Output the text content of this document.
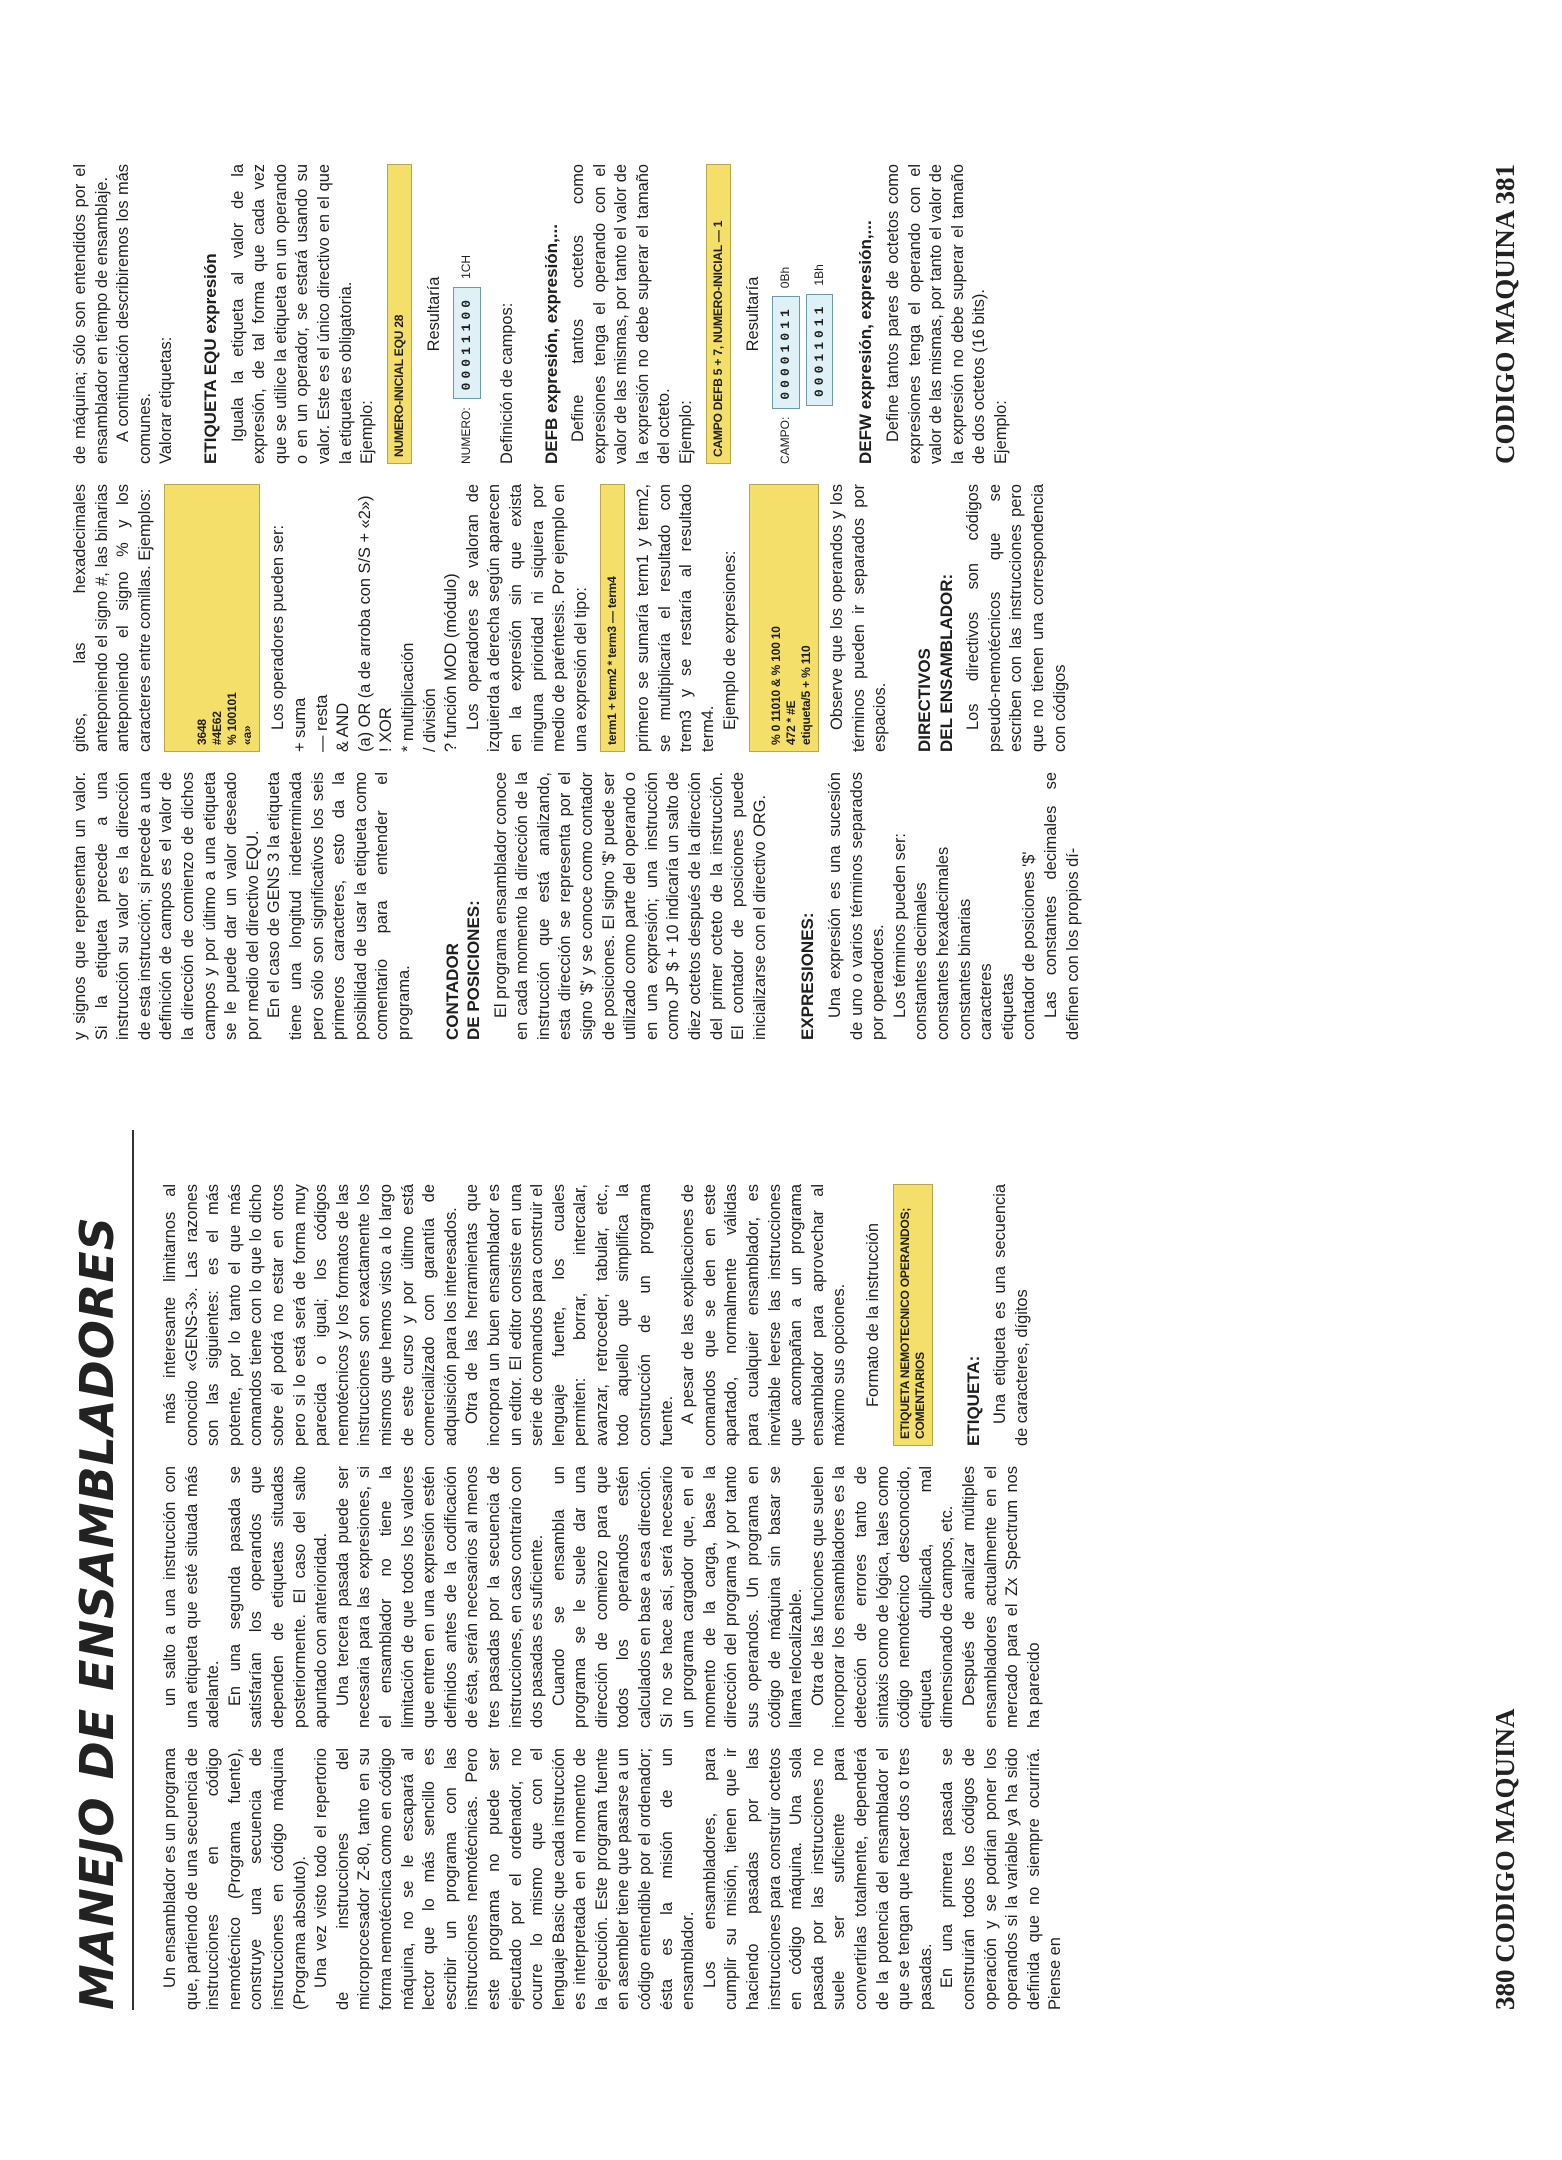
MANEJO DE ENSAMBLADORES Un ensamblador es un programa que, partiendo de una secuencia de instrucciones en código nemotécnico (Programa fuente), construye una secuencia de instrucciones en código máquina (Programa absoluto). Una vez visto todo el repertorio de instrucciones del microprocesador Z-80, tanto en su forma nemotécnica como en código máquina, no se le escapará al lector que lo más sencillo es escribir un programa con las instrucciones nemotécnicas. Pero este programa no puede ser ejecutado por el ordenador, no ocurre lo mismo que con el lenguaje Basic que cada instrucción es interpretada en el momento de la ejecución. Este programa fuente en asembler tiene que pasarse a un código entendible por el ordenador; ésta es la misión de un ensamblador. Los ensambladores, para cumplir su misión, tienen que ir haciendo pasadas por las instrucciones para construir octetos en código máquina. Una sola pasada por las instrucciones no suele ser suficiente para convertirlas totalmente, dependerá de la potencia del ensamblador el que se tengan que hacer dos o tres pasadas. En una primera pasada se construirán todos los códigos de operación y se podrían poner los operandos si la variable ya ha sido definida que no siempre ocurrirá. Piense en

un salto a una instrucción con una etiqueta que esté situada más adelante. En una segunda pasada se satisfarían los operandos que dependen de etiquetas situadas posteriormente. El caso del salto apuntado con anterioridad. Una tercera pasada puede ser necesaria para las expresiones, si el ensamblador no tiene la limitación de que todos los valores que entren en una expresión estén definidos antes de la codificación de ésta, serán necesarios al menos tres pasadas por la secuencia de instrucciones, en caso contrario con dos pasadas es suficiente. Cuando se ensambla un programa se le suele dar una dirección de comienzo para que todos los operandos estén calculados en base a esa dirección. Si no se hace así, será necesario un programa cargador que, en el momento de la carga, base la dirección del programa y por tanto sus operandos. Un programa en código de máquina sin basar se llama relocalizable. Otra de las funciones que suelen incorporar los ensambladores es la detección de errores tanto de sintaxis como de lógica, tales como código nemotécnico desconocido, etiqueta duplicada, mal dimensionado de campos, etc. Después de analizar múltiples ensambladores actualmente en el mercado para el Zx Spectrum nos ha parecido

más interesante limitarnos al conocido «GENS-3». Las razones son las siguientes: es el más potente, por lo tanto el que más comandos tiene con lo que lo dicho sobre él podrá no estar en otros pero si lo está será de forma muy parecida o igual; los códigos nemotécnicos y los formatos de las instrucciones son exactamente los mismos que hemos visto a lo largo de este curso y por último está comercializado con garantía de adquisición para los interesados. Otra de las herramientas que incorpora un buen ensamblador es un editor. El editor consiste en una serie de comandos para construir el lenguaje fuente, los cuales permiten: borrar, intercalar, avanzar, retroceder, tabular, etc., todo aquello que simplifica la construcción de un programa fuente. A pesar de las explicaciones de comandos que se den en este apartado, normalmente válidas para cualquier ensamblador, es inevitable leerse las instrucciones que acompañan a un programa ensamblador para aprovechar al máximo sus opciones. Formato de la instrucción	ETIQUETA NEMOTECNICO OPERANDOS; COMENTARIOS	ETIQUETA: Una etiqueta es una secuencia de caracteres, dígitos

380 CODIGO MAQUINA

y signos que representan un valor. Si la etiqueta precede a una instrucción su valor es la dirección de esta instrucción; si precede a una definición de campos es el valor de la dirección de comienzo de dichos campos y por último a una etiqueta se le puede dar un valor deseado por medio del directivo EQU. En el caso de GENS 3 la etiqueta tiene una longitud indeterminada pero sólo son significativos los seis primeros caracteres, esto da la posibilidad de usar la etiqueta como comentario para entender el programa. CONTADOR DE POSICIONES: El programa ensamblador conoce en cada momento la dirección de la instrucción que está analizando, esta dirección se representa por el signo '$' y se conoce como contador de posiciones. El signo '$' puede ser utilizado como parte del operando o en una expresión; una instrucción como JP $ + 10 indicaría un salto de diez octetos después de la dirección del primer octeto de la instrucción. El contador de posiciones puede inicializarse con el directivo ORG. EXPRESIONES: Una expresión es una sucesión de uno o varios términos separados por operadores. Los términos pueden ser: constantes decimales constantes hexadecimales constantes binarias caracteres etiquetas contador de posiciones '$' Las constantes decimales se definen con los propios dí-

gitos, las hexadecimales anteponiendo el signo #, las binarias anteponiendo el signo % y los caracteres entre comillas. Ejemplos:	3648 #4E62 % 100101 «a»

Los operadores pueden ser: + suma — resta & AND (a) OR (a de arroba con S/S + «2») ! XOR * multiplicación / división ? función MOD (módulo) Los operadores se valoran de izquierda a derecha según aparecen en la expresión sin que exista ninguna prioridad ni siquiera por medio de paréntesis. Por ejemplo en una expresión del tipo:	term1 + term2 * term3 — term4 primero se sumaría term1 y term2, se multiplicaría el resultado con trem3 y se restaría al resultado term4. Ejemplo de expresiones:	% 0 11010 & % 100 10 472 * #E etiqueta/5 + % 110 Observe que los operandos y los términos pueden ir separados por espacios. DIRECTIVOS DEL ENSAMBLADOR: Los directivos son códigos pseudo-nemotécnicos que se escriben con las instrucciones pero que no tienen una correspondencia con códigos

de máquina; sólo son entendidos por el ensamblador en tiempo de ensamblaje. A continuación describiremos los más comunes. Valorar etiquetas: ETIQUETA EQU expresión Iguala la etiqueta al valor de la expresión, de tal forma que cada vez que se utilice la etiqueta en un operando o en un operador, se estará usando su valor. Este es el único directivo en el que la etiqueta es obligatoria. Ejemplo:	NUMERO-INICIAL EQU 28
Resultaría
NUMERO:
00011100
1CH

Definición de campos: DEFB expresión, expresión,... Define tantos octetos como expresiones tenga el operando con el valor de las mismas, por tanto el valor de la expresión no debe superar el tamaño del octeto. Ejemplo:	CAMPO DEFB 5 + 7, NUMERO-INICIAL — 1	Resultaría
CAMPO:
00001011
0Bh
00011011
1Bh DEFW expresión, expresión,... Define tantos pares de octetos como expresiones tenga el operando con el valor de las mismas, por tanto el valor de la expresión no debe superar el tamaño de dos octetos (16 bits). Ejemplo:	CODIGO MAQUINA 381
